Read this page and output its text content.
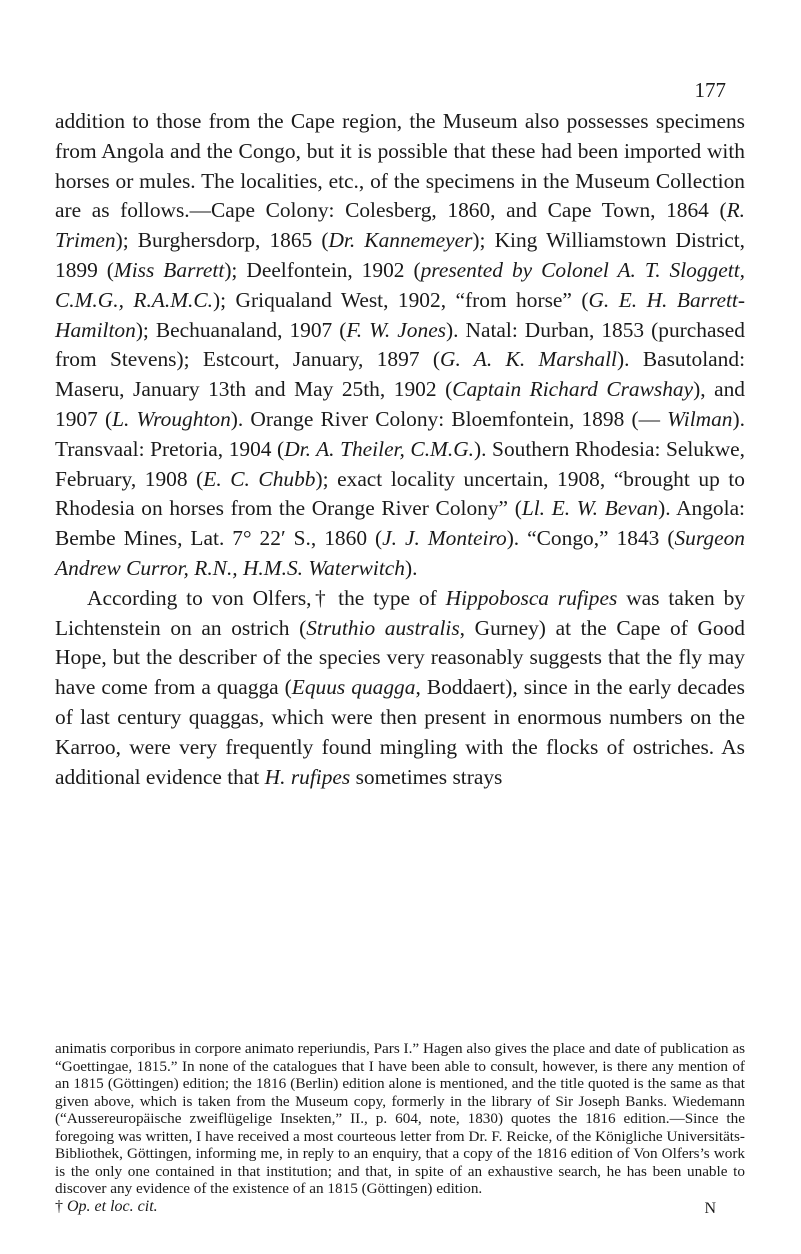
177

addition to those from the Cape region, the Museum also possesses specimens from Angola and the Congo, but it is possible that these had been imported with horses or mules. The localities, etc., of the specimens in the Museum Collection are as follows.—Cape Colony: Colesberg, 1860, and Cape Town, 1864 (R. Trimen); Burghersdorp, 1865 (Dr. Kannemeyer); King Williamstown District, 1899 (Miss Barrett); Deelfontein, 1902 (presented by Colonel A. T. Sloggett, C.M.G., R.A.M.C.); Griqualand West, 1902, “from horse” (G. E. H. Barrett-Hamilton); Bechuanaland, 1907 (F. W. Jones). Natal: Durban, 1853 (purchased from Stevens); Estcourt, January, 1897 (G. A. K. Marshall). Basutoland: Maseru, January 13th and May 25th, 1902 (Captain Richard Crawshay), and 1907 (L. Wroughton). Orange River Colony: Bloemfontein, 1898 (— Wilman). Transvaal: Pretoria, 1904 (Dr. A. Theiler, C.M.G.). Southern Rhodesia: Selukwe, February, 1908 (E. C. Chubb); exact locality uncertain, 1908, “brought up to Rhodesia on horses from the Orange River Colony” (Ll. E. W. Bevan). Angola: Bembe Mines, Lat. 7° 22′ S., 1860 (J. J. Monteiro). “Congo,” 1843 (Surgeon Andrew Curror, R.N., H.M.S. Waterwitch).

According to von Olfers,† the type of Hippobosca rufipes was taken by Lichtenstein on an ostrich (Struthio australis, Gurney) at the Cape of Good Hope, but the describer of the species very reasonably suggests that the fly may have come from a quagga (Equus quagga, Boddaert), since in the early decades of last century quaggas, which were then present in enormous numbers on the Karroo, were very frequently found mingling with the flocks of ostriches. As additional evidence that H. rufipes sometimes strays

animatis corporibus in corpore animato reperiundis, Pars I.” Hagen also gives the place and date of publication as “Goettingae, 1815.” In none of the catalogues that I have been able to consult, however, is there any mention of an 1815 (Göttingen) edition; the 1816 (Berlin) edition alone is mentioned, and the title quoted is the same as that given above, which is taken from the Museum copy, formerly in the library of Sir Joseph Banks. Wiedemann (“Aussereuropäische zweiflügelige Insekten,” II., p. 604, note, 1830) quotes the 1816 edition.—Since the foregoing was written, I have received a most courteous letter from Dr. F. Reicke, of the Königliche Universitäts-Bibliothek, Göttingen, informing me, in reply to an enquiry, that a copy of the 1816 edition of Von Olfers’s work is the only one contained in that institution; and that, in spite of an exhaustive search, he has been unable to discover any evidence of the existence of an 1815 (Göttingen) edition.

† Op. et loc. cit.	N
